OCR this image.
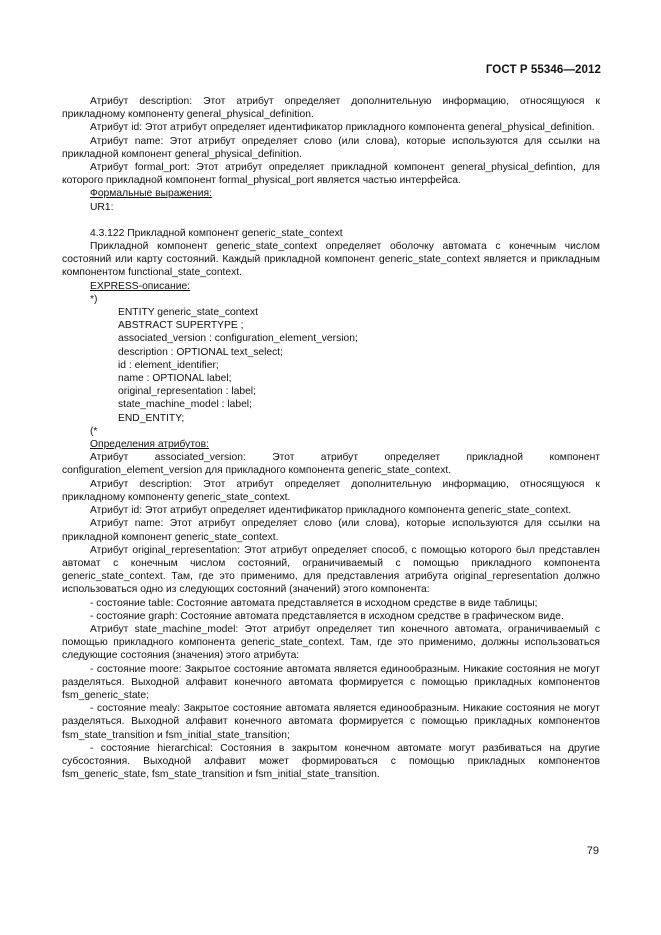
ГОСТ Р 55346—2012

Атрибут description: Этот атрибут определяет дополнительную информацию, относящуюся к прикладному компоненту general_physical_definition.

Атрибут id: Этот атрибут определяет идентификатор прикладного компонента general_physical_definition.

Атрибут name: Этот атрибут определяет слово (или слова), которые используются для ссылки на прикладной компонент general_physical_definition.

Атрибут formal_port: Этот атрибут определяет прикладной компонент general_physical_defintion, для которого прикладной компонент formal_physical_port является частью интерфейса.

Формальные выражения:

UR1:

4.3.122 Прикладной компонент generic_state_context

Прикладной компонент generic_state_context определяет оболочку автомата с конечным числом состояний или карту состояний. Каждый прикладной компонент generic_state_context является и прикладным компонентом functional_state_context.

EXPRESS-описание:

*)

ENTITY generic_state_context
ABSTRACT SUPERTYPE ;
associated_version : configuration_element_version;
description : OPTIONAL text_select;
id : element_identifier;
name : OPTIONAL label;
original_representation : label;
state_machine_model : label;
END_ENTITY;

(*

Определения атрибутов:

Атрибут associated_version: Этот атрибут определяет прикладной компонент configuration_element_version для прикладного компонента generic_state_context.

Атрибут description: Этот атрибут определяет дополнительную информацию, относящуюся к прикладному компоненту generic_state_context.

Атрибут id: Этот атрибут определяет идентификатор прикладного компонента generic_state_context.

Атрибут name: Этот атрибут определяет слово (или слова), которые используются для ссылки на прикладной компонент generic_state_context.

Атрибут original_representation: Этот атрибут определяет способ, с помощью которого был представлен автомат с конечным числом состояний, ограничиваемый с помощью прикладного компонента generic_state_context. Там, где это применимо, для представления атрибута original_representation должно использоваться одно из следующих состояний (значений) этого компонента:

- состояние table: Состояние автомата представляется в исходном средстве в виде таблицы;

- состояние graph: Состояние автомата представляется в исходном средстве в графическом виде.

Атрибут state_machine_model: Этот атрибут определяет тип конечного автомата, ограничиваемый с помощью прикладного компонента generic_state_context. Там, где это применимо, должны использоваться следующие состояния (значения) этого атрибута:

- состояние moore: Закрытое состояние автомата является единообразным. Никакие состояния не могут разделяться. Выходной алфавит конечного автомата формируется с помощью прикладных компонентов fsm_generic_state;

- состояние mealy: Закрытое состояние автомата является единообразным. Никакие состояния не могут разделяться. Выходной алфавит конечного автомата формируется с помощью прикладных компонентов fsm_state_transition и fsm_initial_state_transition;

- состояние hierarchical: Состояния в закрытом конечном автомате могут разбиваться на другие субсостояния. Выходной алфавит может формироваться с помощью прикладных компонентов fsm_generic_state, fsm_state_transition и fsm_initial_state_transition.

79
